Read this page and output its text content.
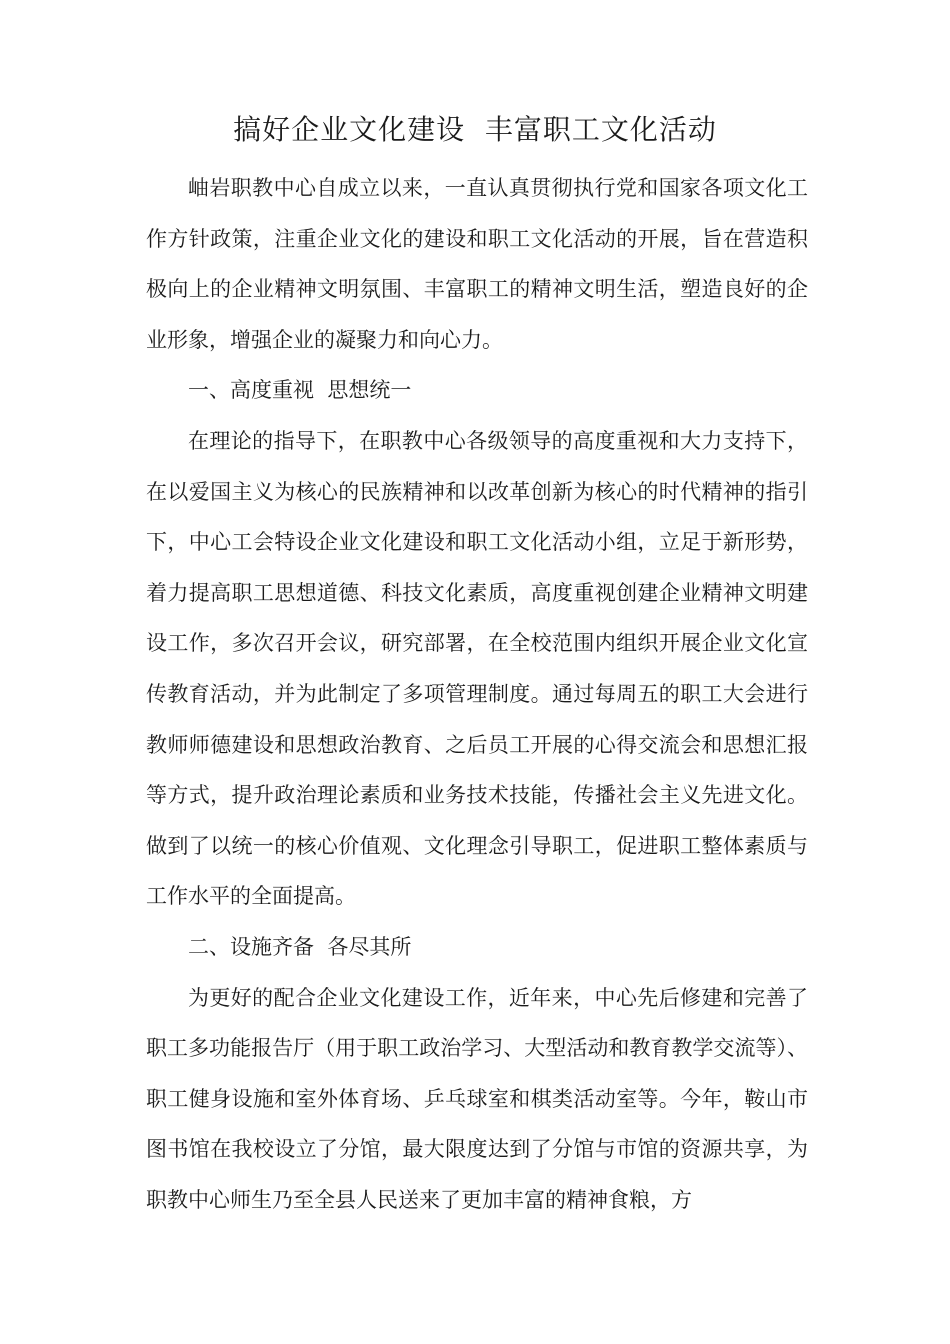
搞好企业文化建设  丰富职工文化活动

岫岩职教中心自成立以来，一直认真贯彻执行党和国家各项文化工作方针政策，注重企业文化的建设和职工文化活动的开展，旨在营造积极向上的企业精神文明氛围、丰富职工的精神文明生活，塑造良好的企业形象，增强企业的凝聚力和向心力。

一、高度重视  思想统一

在理论的指导下，在职教中心各级领导的高度重视和大力支持下，在以爱国主义为核心的民族精神和以改革创新为核心的时代精神的指引下，中心工会特设企业文化建设和职工文化活动小组，立足于新形势，着力提高职工思想道德、科技文化素质，高度重视创建企业精神文明建设工作，多次召开会议，研究部署，在全校范围内组织开展企业文化宣传教育活动，并为此制定了多项管理制度。通过每周五的职工大会进行教师师德建设和思想政治教育、之后员工开展的心得交流会和思想汇报等方式，提升政治理论素质和业务技术技能，传播社会主义先进文化。做到了以统一的核心价值观、文化理念引导职工，促进职工整体素质与工作水平的全面提高。

二、设施齐备  各尽其所

为更好的配合企业文化建设工作，近年来，中心先后修建和完善了职工多功能报告厅（用于职工政治学习、大型活动和教育教学交流等）、职工健身设施和室外体育场、乒乓球室和棋类活动室等。今年，鞍山市图书馆在我校设立了分馆，最大限度达到了分馆与市馆的资源共享，为职教中心师生乃至全县人民送来了更加丰富的精神食粮，方
